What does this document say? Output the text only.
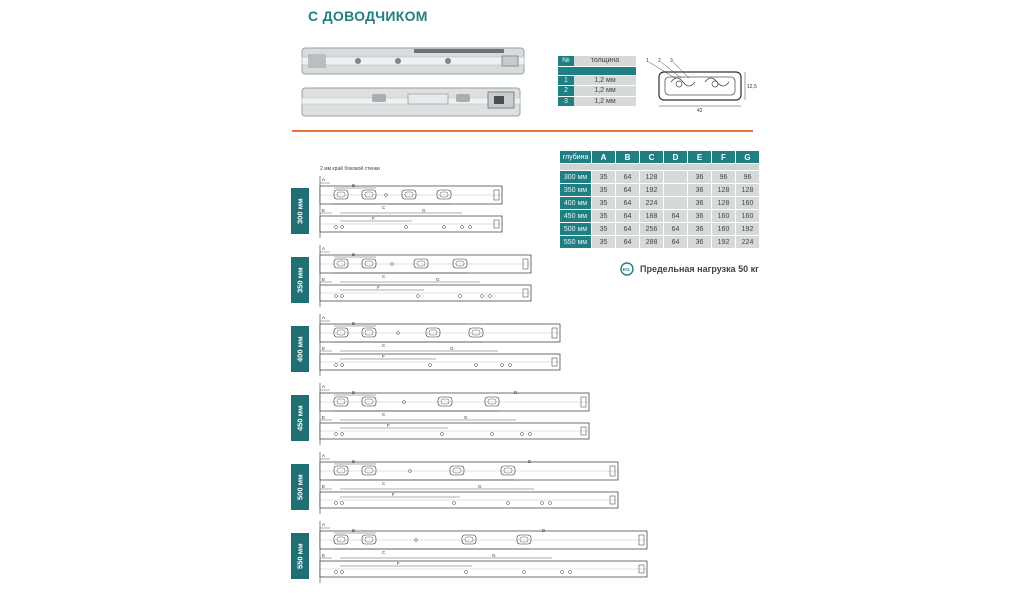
С ДОВОДЧИКОМ

№	толщина
1	1,2 мм
2	1,2 мм
3	1,2 мм
1 2 3
42
12,5

глубина	A	B	C	D	E	F	G
300 мм	35	64	128		36	96	96
350 мм	35	64	192		36	128	128
400 мм	35	64	224		36	128	160
450 мм	35	64	188	64	36	160	160
500 мм	35	64	256	64	36	160	192
550 мм	35	64	288	64	36	192	224
KG Предельная нагрузка 50 кг
2 мм край боковой стенки
300 мм
A
B
C
E
F
G
350 мм
A
B
C
E
F
G
400 мм
A
B
C
E
F
G
450 мм
A
B
C
D
E
F
G
500 мм
A
B
C
D
E
F
G
550 мм
A
B
C
D
E
F
G
